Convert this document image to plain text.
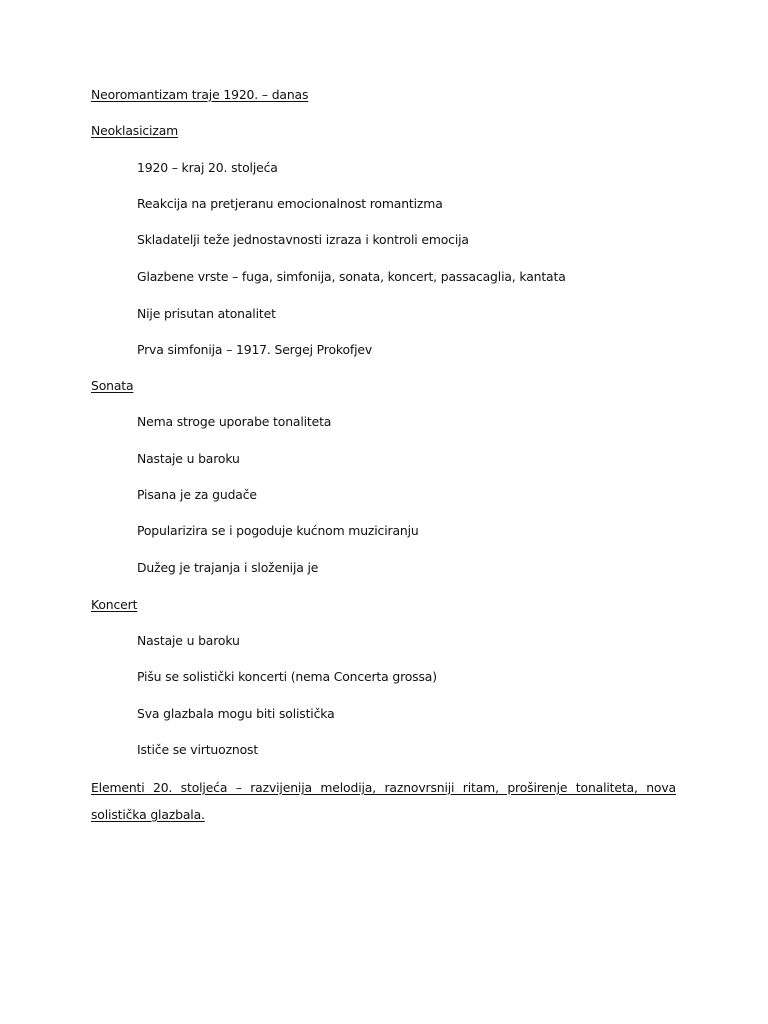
Neoromantizam traje 1920. – danas
Neoklasicizam
1920 – kraj 20. stoljeća
Reakcija na pretjeranu emocionalnost romantizma
Skladatelji teže jednostavnosti izraza i kontroli emocija
Glazbene vrste – fuga, simfonija, sonata, koncert, passacaglia, kantata
Nije prisutan atonalitet
Prva simfonija – 1917. Sergej Prokofjev
Sonata
Nema stroge uporabe tonaliteta
Nastaje u baroku
Pisana je za gudače
Popularizira se i pogoduje kućnom muziciranju
Dužeg je trajanja i složenija je
Koncert
Nastaje u baroku
Pišu se solistički koncerti (nema Concerta grossa)
Sva glazbala mogu biti solistička
Ističe se virtuoznost
Elementi 20. stoljeća – razvijenija melodija, raznovrsniji ritam, proširenje tonaliteta, nova solistička glazbala.
